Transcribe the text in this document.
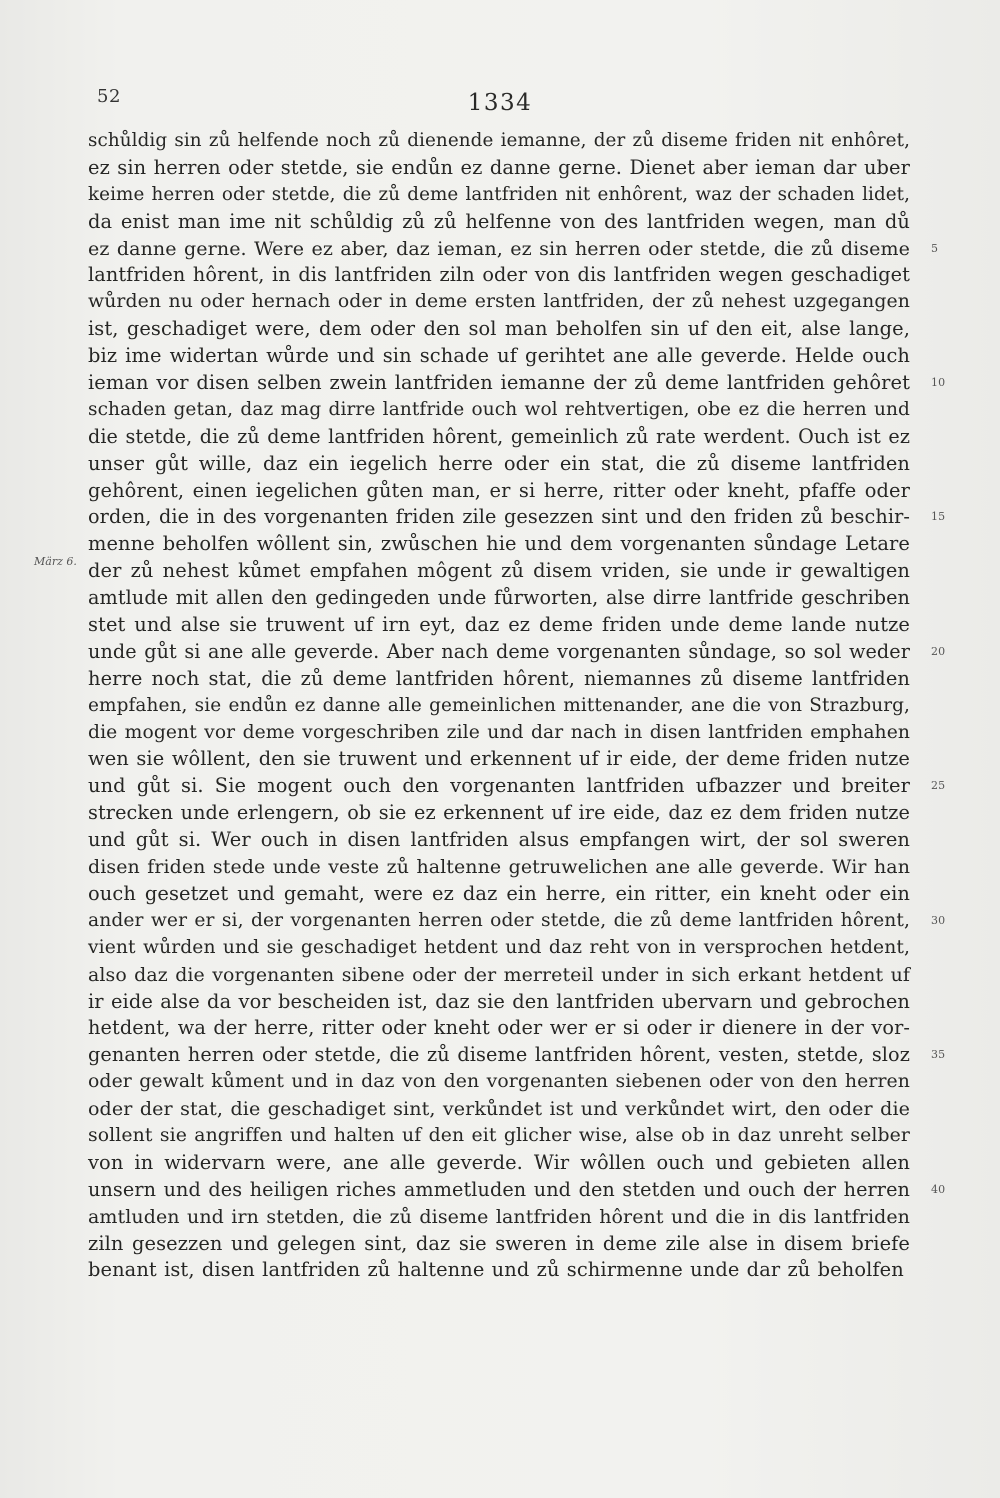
52	1334
März 6.
schůldig sin zů helfende noch zů dienende iemanne, der zů diseme friden nit enhôret,
ez sin herren oder stetde, sie endůn ez danne gerne. Dienet aber ieman dar uber
keime herren oder stetde, die zů deme lantfriden nit enhôrent, waz der schaden lidet,
da enist man ime nit schůldig zů zů helfenne von des lantfriden wegen, man dů
ez danne gerne. Were ez aber, daz ieman, ez sin herren oder stetde, die zů diseme 5
lantfriden hôrent, in dis lantfriden ziln oder von dis lantfriden wegen geschadiget
wůrden nu oder hernach oder in deme ersten lantfriden, der zů nehest uzgegangen
ist, geschadiget were, dem oder den sol man beholfen sin uf den eit, alse lange,
biz ime widertan wůrde und sin schade uf gerihtet ane alle geverde. Helde ouch
ieman vor disen selben zwein lantfriden iemanne der zů deme lantfriden gehôret 10
schaden getan, daz mag dirre lantfride ouch wol rehtvertigen, obe ez die herren und
die stetde, die zů deme lantfriden hôrent, gemeinlich zů rate werdent. Ouch ist ez
unser gůt wille, daz ein iegelich herre oder ein stat, die zů diseme lantfriden
gehôrent, einen iegelichen gůten man, er si herre, ritter oder kneht, pfaffe oder
orden, die in des vorgenanten friden zile gesezzen sint und den friden zů beschir- 15
menne beholfen wôllent sin, zwůschen hie und dem vorgenanten sůndage Letare
der zů nehest kůmet empfahen môgent zů disem vriden, sie unde ir gewaltigen
amtlude mit allen den gedingeden unde fůrworten, alse dirre lantfride geschriben
stet und alse sie truwent uf irn eyt, daz ez deme friden unde deme lande nutze
unde gůt si ane alle geverde. Aber nach deme vorgenanten sůndage, so sol weder 20
herre noch stat, die zů deme lantfriden hôrent, niemannes zů diseme lantfriden
empfahen, sie endůn ez danne alle gemeinlichen mittenander, ane die von Strazburg,
die mogent vor deme vorgeschriben zile und dar nach in disen lantfriden emphahen
wen sie wôllent, den sie truwent und erkennent uf ir eide, der deme friden nutze
und gůt si. Sie mogent ouch den vorgenanten lantfriden ufbazzer und breiter 25
strecken unde erlengern, ob sie ez erkennent uf ire eide, daz ez dem friden nutze
und gůt si. Wer ouch in disen lantfriden alsus empfangen wirt, der sol sweren
disen friden stede unde veste zů haltenne getruwelichen ane alle geverde. Wir han
ouch gesetzet und gemaht, were ez daz ein herre, ein ritter, ein kneht oder ein
ander wer er si, der vorgenanten herren oder stetde, die zů deme lantfriden hôrent, 30
vient wůrden und sie geschadiget hetdent und daz reht von in versprochen hetdent,
also daz die vorgenanten sibene oder der merreteil under in sich erkant hetdent uf
ir eide alse da vor bescheiden ist, daz sie den lantfriden ubervarn und gebrochen
hetdent, wa der herre, ritter oder kneht oder wer er si oder ir dienere in der vor-
genanten herren oder stetde, die zů diseme lantfriden hôrent, vesten, stetde, sloz 35
oder gewalt kůment und in daz von den vorgenanten siebenen oder von den herren
oder der stat, die geschadiget sint, verkůndet ist und verkůndet wirt, den oder die
sollent sie angriffen und halten uf den eit glicher wise, alse ob in daz unreht selber
von in widervarn were, ane alle geverde. Wir wôllen ouch und gebieten allen
unsern und des heiligen riches ammetluden und den stetden und ouch der herren 40
amtluden und irn stetden, die zů diseme lantfriden hôrent und die in dis lantfriden
ziln gesezzen und gelegen sint, daz sie sweren in deme zile alse in disem briefe
benant ist, disen lantfriden zů haltenne und zů schirmenne unde dar zů beholfen
